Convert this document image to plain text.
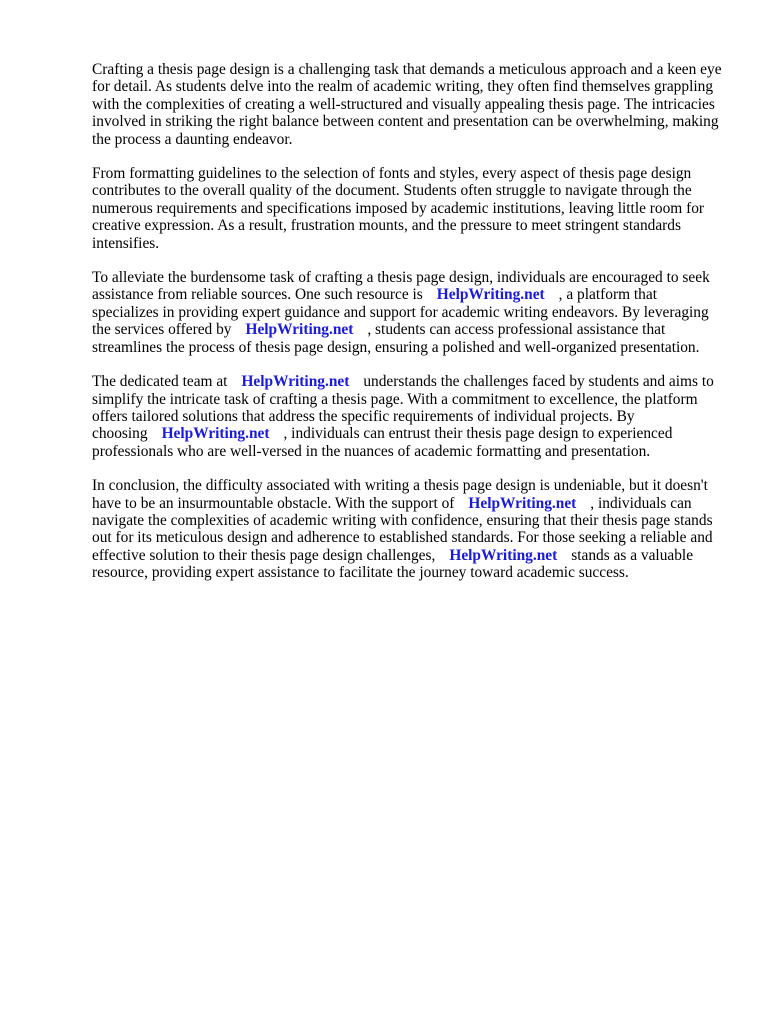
Crafting a thesis page design is a challenging task that demands a meticulous approach and a keen eye for detail. As students delve into the realm of academic writing, they often find themselves grappling with the complexities of creating a well-structured and visually appealing thesis page. The intricacies involved in striking the right balance between content and presentation can be overwhelming, making the process a daunting endeavor.

From formatting guidelines to the selection of fonts and styles, every aspect of thesis page design contributes to the overall quality of the document. Students often struggle to navigate through the numerous requirements and specifications imposed by academic institutions, leaving little room for creative expression. As a result, frustration mounts, and the pressure to meet stringent standards intensifies.

To alleviate the burdensome task of crafting a thesis page design, individuals are encouraged to seek assistance from reliable sources. One such resource is HelpWriting.net , a platform that specializes in providing expert guidance and support for academic writing endeavors. By leveraging the services offered by HelpWriting.net , students can access professional assistance that streamlines the process of thesis page design, ensuring a polished and well-organized presentation.

The dedicated team at HelpWriting.net understands the challenges faced by students and aims to simplify the intricate task of crafting a thesis page. With a commitment to excellence, the platform offers tailored solutions that address the specific requirements of individual projects. By choosing HelpWriting.net , individuals can entrust their thesis page design to experienced professionals who are well-versed in the nuances of academic formatting and presentation.

In conclusion, the difficulty associated with writing a thesis page design is undeniable, but it doesn't have to be an insurmountable obstacle. With the support of HelpWriting.net , individuals can navigate the complexities of academic writing with confidence, ensuring that their thesis page stands out for its meticulous design and adherence to established standards. For those seeking a reliable and effective solution to their thesis page design challenges, HelpWriting.net stands as a valuable resource, providing expert assistance to facilitate the journey toward academic success.
